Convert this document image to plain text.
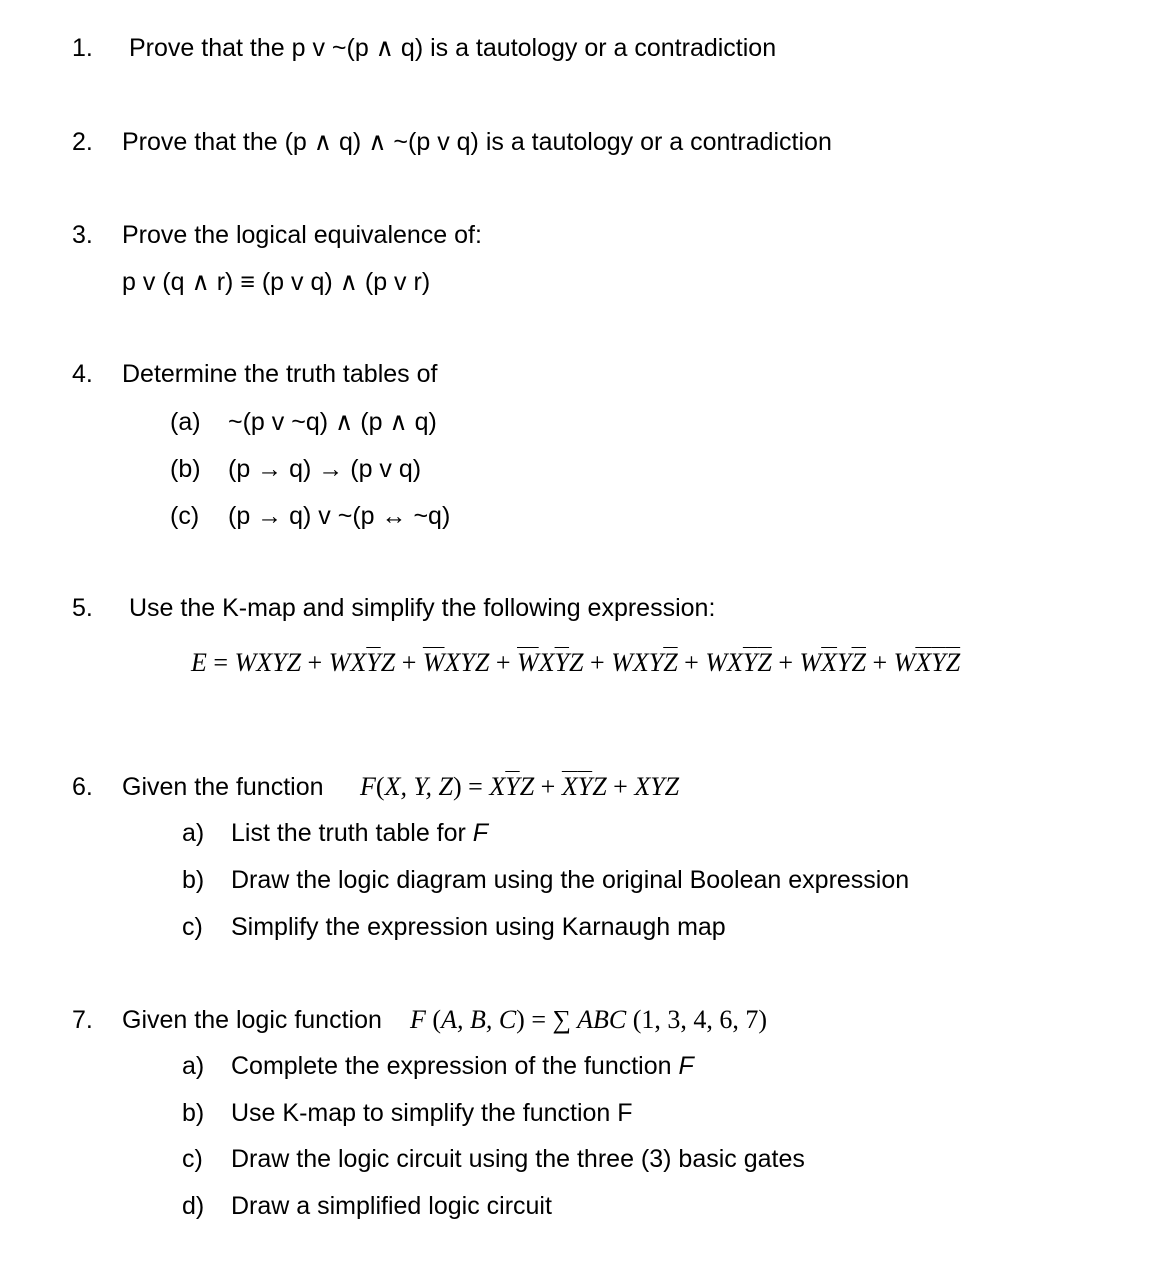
1. Prove that the p v ~(p ∧ q) is a tautology or a contradiction
2. Prove that the (p ∧ q) ∧ ~(p v q) is a tautology or a contradiction
3. Prove the logical equivalence of:
p v (q ∧ r) ≡ (p v q) ∧ (p v r)
4. Determine the truth tables of
(a) ~(p v ~q) ∧ (p ∧ q)
(b) (p → q) → (p v q)
(c) (p → q) v ~(p ↔ ~q)
5. Use the K-map and simplify the following expression:
E = WXYZ + $WX\overline{Y}Z + \overline{W}XYZ + \overline{W}X\overline{Y}Z + WXY\overline{Z} + WX\overline{Y}\overline{Z} + W\overline{X}Y\overline{Z} + W\overline{X}\overline{Y}\overline{Z}$
6. Given the function F(X, Y, $Z) = X\overline{Y}Z + \overline{X}\overline{Y}Z$ + XYZ
a) List the truth table for F
b) Draw the logic diagram using the original Boolean expression
c) Simplify the expression using Karnaugh map
7. Given the logic function F (A, B, C) = ∑ ABC (1, 3, 4, 6, 7)
a) Complete the expression of the function F
b) Use K-map to simplify the function F
c) Draw the logic circuit using the three (3) basic gates
d) Draw a simplified logic circuit
